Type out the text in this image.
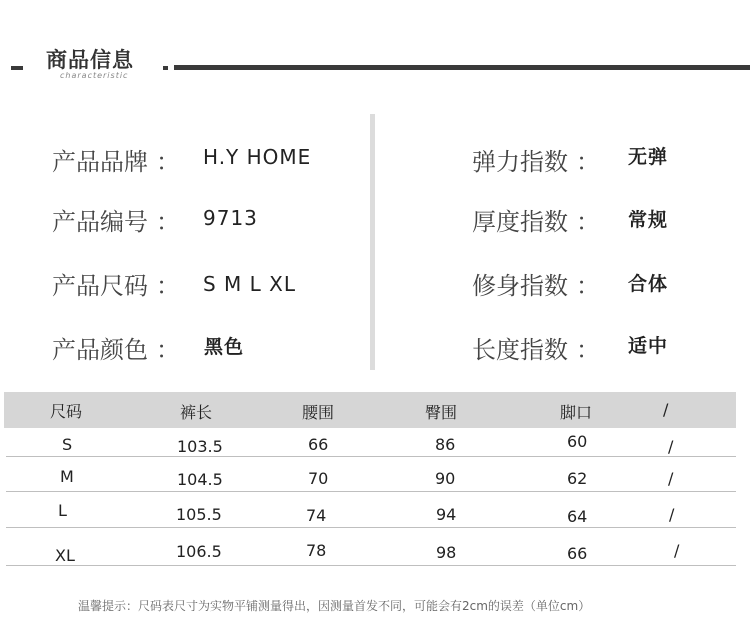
商品信息
characteristic
产品品牌 ： H.Y HOME
产品编号 ： 9713
产品尺码 ： S M L XL
产品颜色 ： 黑色
弹力指数 ： 无弹
厚度指数 ： 常规
修身指数 ： 合体
长度指数 ： 适中
尺码	裤长	腰围	臀围	脚口	/
S	103.5	66	86	60	/
M	104.5	70	90	62	/
L	105.5	74	94	64	/
XL	106.5	78	98	66	/
温馨提示：尺码表尺寸为实物平铺测量得出，因测量首发不同，可能会有2cm的误差（单位cm）
